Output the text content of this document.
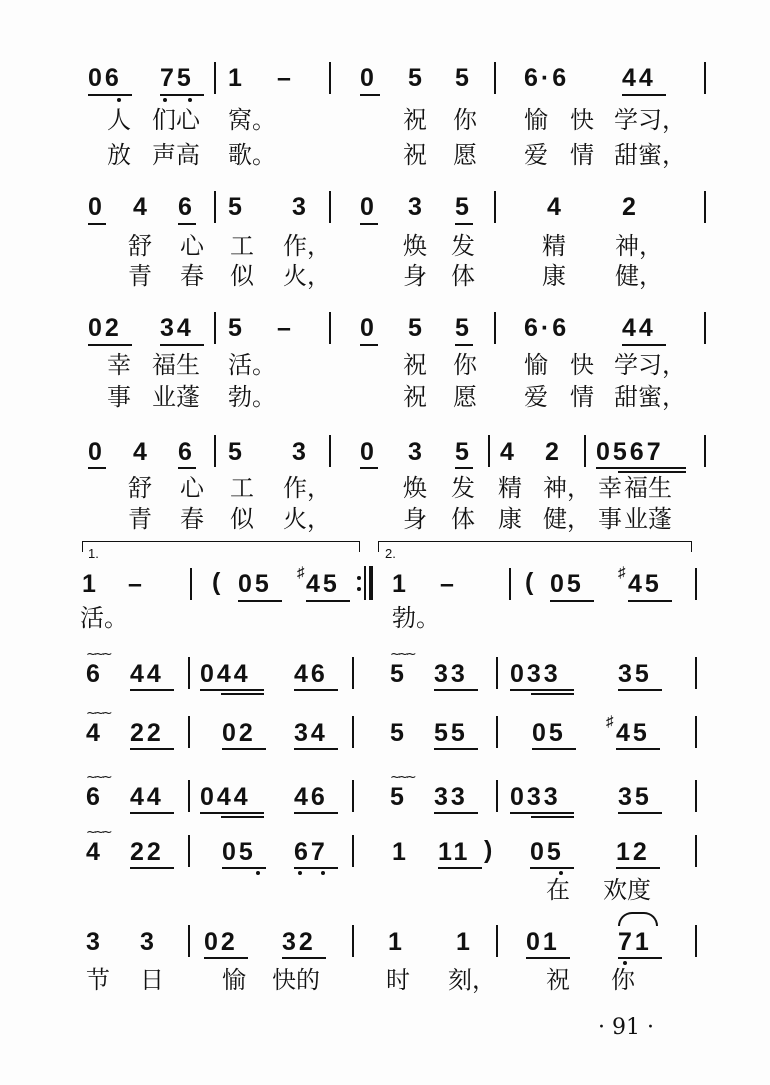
06 75 1 –	0 5 5 6·6 44
人 们心 窝。	祝 你 愉 快 学习，
放 声高 歌。	祝 愿 爱 情 甜蜜，
0 4 6 5 3 0 3 5	4 2
舒 心 工 作，	焕 发	精 神，
青 春 似 火，	身 体	康 健，
02 34 5 –	0 5 5 6·6 44
幸 福生 活。	祝 你 愉 快 学习，
事 业蓬 勃。	祝 愿 爱 情 甜蜜，
0 4 6 5 3 0 3 5 4 2 0567
舒 心 工 作，	焕 发 精 神， 幸 福生
青 春 似 火，	身 体 康 健， 事 业蓬
1.	2.
1 –	( 05 ♯ 45 1 –	( 05 ♯ 45
活。	勃。
~~~	~~~
6 44 044 46 5 33 033 35
~~~
4 22 02 34 5 55	05	♯ 45
~~~	~~~
6 44 044 46 5 33 033 35
~~~
4 22 05 67	1 11 ) 05 12
在 欢度
3 3 02 32	1 1 01 71
节 日 愉 快的	时 刻， 祝 你
· 91 ·
